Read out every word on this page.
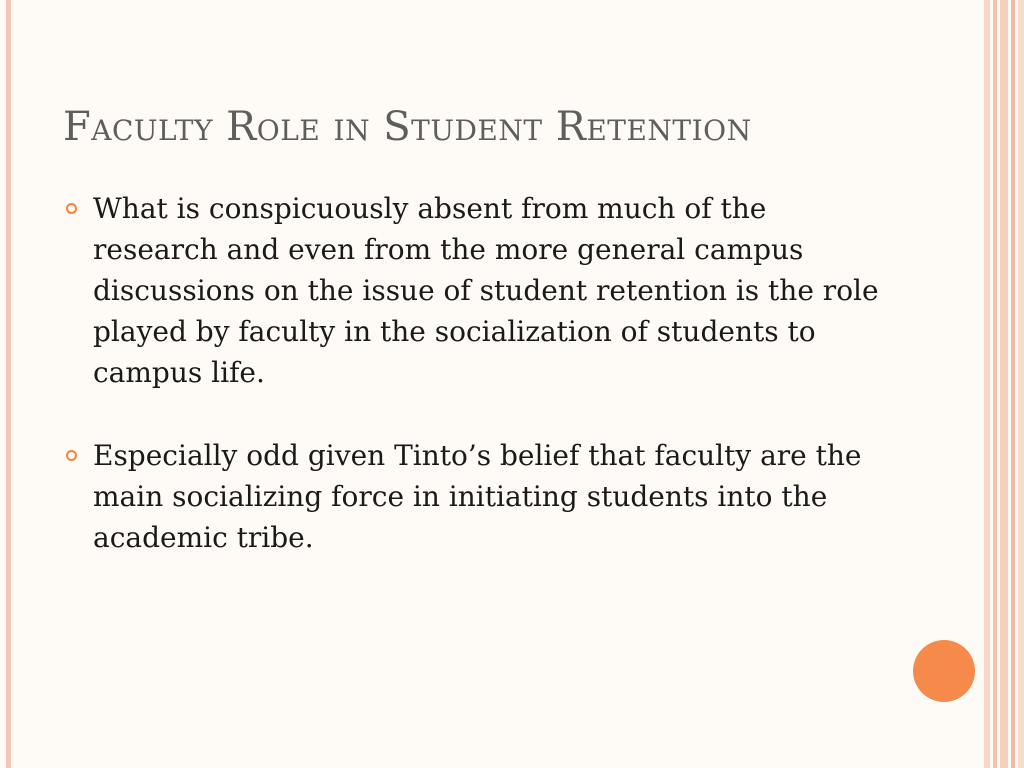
Faculty Role in Student Retention
What is conspicuously absent from much of the research and even from the more general campus discussions on the issue of student retention is the role played by faculty in the socialization of students to campus life.
Especially odd given Tinto’s belief that faculty are the main socializing force in initiating students into the academic tribe.
